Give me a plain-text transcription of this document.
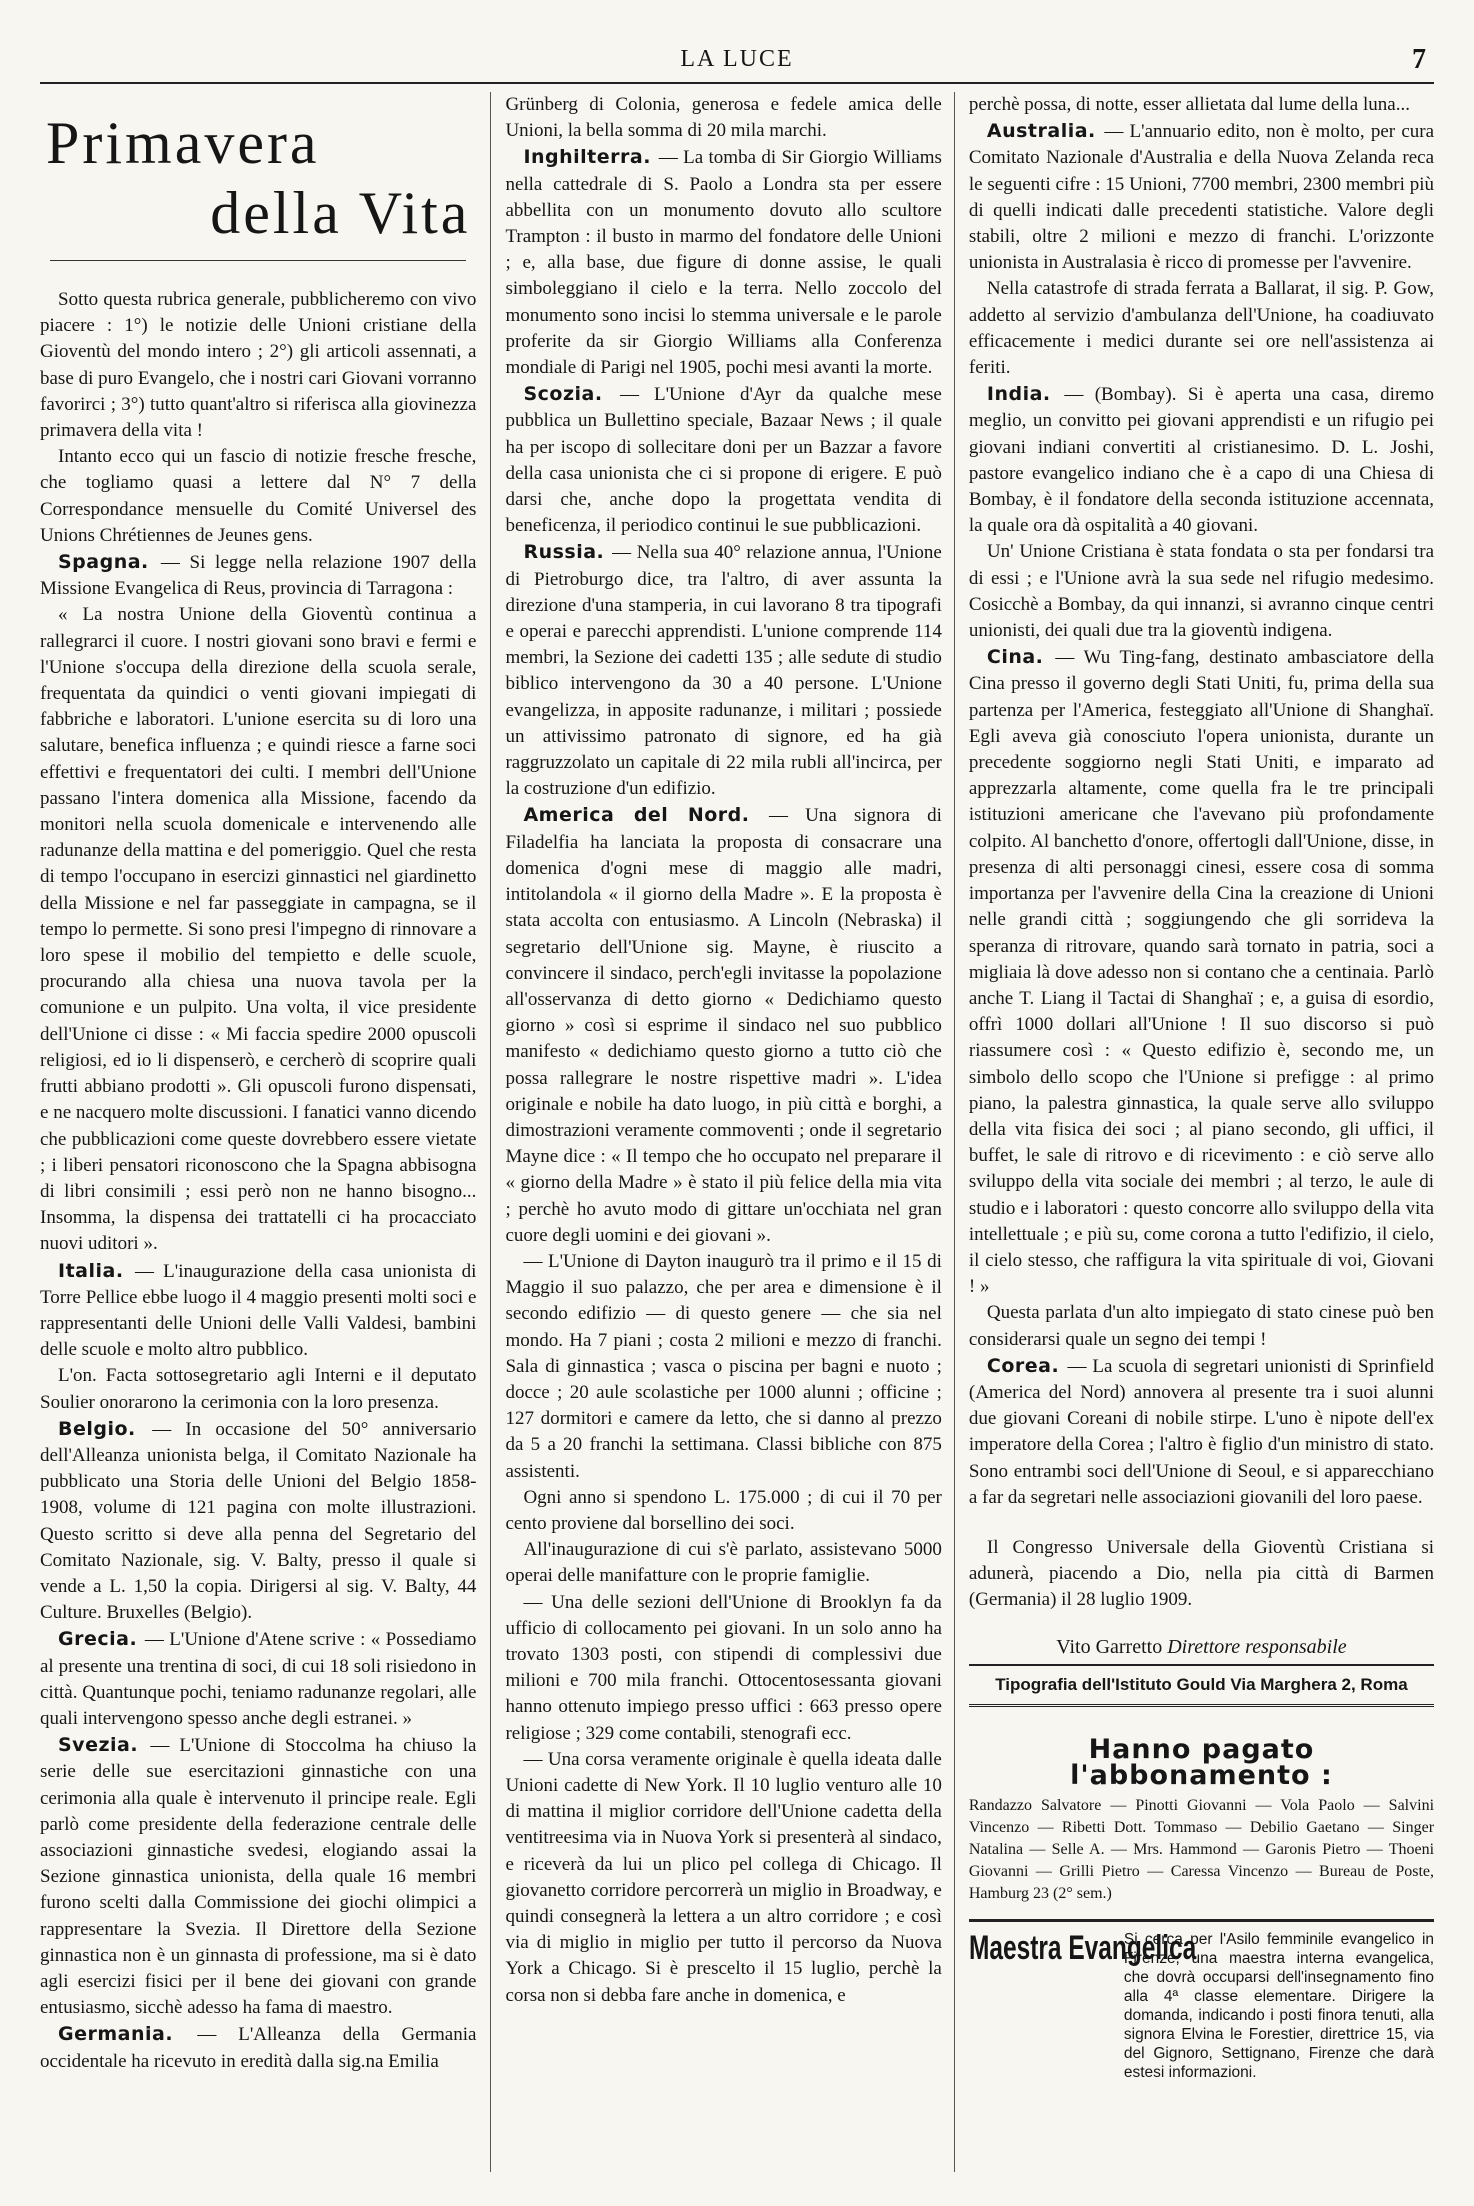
LA LUCE	7
Primavera
della Vita

Sotto questa rubrica generale, pubblicheremo con vivo piacere : 1°) le notizie delle Unioni cristiane della Gioventù del mondo intero ; 2°) gli articoli assennati, a base di puro Evangelo, che i nostri cari Giovani vorranno favorirci ; 3°) tutto quant'altro si riferisca alla giovinezza primavera della vita !

Intanto ecco qui un fascio di notizie fresche fresche, che togliamo quasi a lettere dal N° 7 della Correspondance mensuelle du Comité Universel des Unions Chrétiennes de Jeunes gens.

Spagna. — Si legge nella relazione 1907 della Missione Evangelica di Reus, provincia di Tarragona :

« La nostra Unione della Gioventù continua a rallegrarci il cuore. I nostri giovani sono bravi e fermi e l'Unione s'occupa della direzione della scuola serale, frequentata da quindici o venti giovani impiegati di fabbriche e laboratori. L'unione esercita su di loro una salutare, benefica influenza ; e quindi riesce a farne soci effettivi e frequentatori dei culti. I membri dell'Unione passano l'intera domenica alla Missione, facendo da monitori nella scuola domenicale e intervenendo alle radunanze della mattina e del pomeriggio. Quel che resta di tempo l'occupano in esercizi ginnastici nel giardinetto della Missione e nel far passeggiate in campagna, se il tempo lo permette. Si sono presi l'impegno di rinnovare a loro spese il mobilio del tempietto e delle scuole, procurando alla chiesa una nuova tavola per la comunione e un pulpito. Una volta, il vice presidente dell'Unione ci disse : « Mi faccia spedire 2000 opuscoli religiosi, ed io li dispenserò, e cercherò di scoprire quali frutti abbiano prodotti ». Gli opuscoli furono dispensati, e ne nacquero molte discussioni. I fanatici vanno dicendo che pubblicazioni come queste dovrebbero essere vietate ; i liberi pensatori riconoscono che la Spagna abbisogna di libri consimili ; essi però non ne hanno bisogno... Insomma, la dispensa dei trattatelli ci ha procacciato nuovi uditori ».

Italia. — L'inaugurazione della casa unionista di Torre Pellice ebbe luogo il 4 maggio presenti molti soci e rappresentanti delle Unioni delle Valli Valdesi, bambini delle scuole e molto altro pubblico.

L'on. Facta sottosegretario agli Interni e il deputato Soulier onorarono la cerimonia con la loro presenza.

Belgio. — In occasione del 50° anniversario dell'Alleanza unionista belga, il Comitato Nazionale ha pubblicato una Storia delle Unioni del Belgio 1858-1908, volume di 121 pagina con molte illustrazioni. Questo scritto si deve alla penna del Segretario del Comitato Nazionale, sig. V. Balty, presso il quale si vende a L. 1,50 la copia. Dirigersi al sig. V. Balty, 44 Culture. Bruxelles (Belgio).

Grecia. — L'Unione d'Atene scrive : « Possediamo al presente una trentina di soci, di cui 18 soli risiedono in città. Quantunque pochi, teniamo radunanze regolari, alle quali intervengono spesso anche degli estranei. »

Svezia. — L'Unione di Stoccolma ha chiuso la serie delle sue esercitazioni ginnastiche con una cerimonia alla quale è intervenuto il principe reale. Egli parlò come presidente della federazione centrale delle associazioni ginnastiche svedesi, elogiando assai la Sezione ginnastica unionista, della quale 16 membri furono scelti dalla Commissione dei giochi olimpici a rappresentare la Svezia. Il Direttore della Sezione ginnastica non è un ginnasta di professione, ma si è dato agli esercizi fisici per il bene dei giovani con grande entusiasmo, sicchè adesso ha fama di maestro.

Germania. — L'Alleanza della Germania occidentale ha ricevuto in eredità dalla sig.na Emilia

Grünberg di Colonia, generosa e fedele amica delle Unioni, la bella somma di 20 mila marchi.

Inghilterra. — La tomba di Sir Giorgio Williams nella cattedrale di S. Paolo a Londra sta per essere abbellita con un monumento dovuto allo scultore Trampton : il busto in marmo del fondatore delle Unioni ; e, alla base, due figure di donne assise, le quali simboleggiano il cielo e la terra. Nello zoccolo del monumento sono incisi lo stemma universale e le parole proferite da sir Giorgio Williams alla Conferenza mondiale di Parigi nel 1905, pochi mesi avanti la morte.

Scozia. — L'Unione d'Ayr da qualche mese pubblica un Bullettino speciale, Bazaar News ; il quale ha per iscopo di sollecitare doni per un Bazzar a favore della casa unionista che ci si propone di erigere. E può darsi che, anche dopo la progettata vendita di beneficenza, il periodico continui le sue pubblicazioni.

Russia. — Nella sua 40° relazione annua, l'Unione di Pietroburgo dice, tra l'altro, di aver assunta la direzione d'una stamperia, in cui lavorano 8 tra tipografi e operai e parecchi apprendisti. L'unione comprende 114 membri, la Sezione dei cadetti 135 ; alle sedute di studio biblico intervengono da 30 a 40 persone. L'Unione evangelizza, in apposite radunanze, i militari ; possiede un attivissimo patronato di signore, ed ha già raggruzzolato un capitale di 22 mila rubli all'incirca, per la costruzione d'un edifizio.

America del Nord. — Una signora di Filadelfia ha lanciata la proposta di consacrare una domenica d'ogni mese di maggio alle madri, intitolandola « il giorno della Madre ». E la proposta è stata accolta con entusiasmo. A Lincoln (Nebraska) il segretario dell'Unione sig. Mayne, è riuscito a convincere il sindaco, perch'egli invitasse la popolazione all'osservanza di detto giorno « Dedichiamo questo giorno » così si esprime il sindaco nel suo pubblico manifesto « dedichiamo questo giorno a tutto ciò che possa rallegrare le nostre rispettive madri ». L'idea originale e nobile ha dato luogo, in più città e borghi, a dimostrazioni veramente commoventi ; onde il segretario Mayne dice : « Il tempo che ho occupato nel preparare il « giorno della Madre » è stato il più felice della mia vita ; perchè ho avuto modo di gittare un'occhiata nel gran cuore degli uomini e dei giovani ».

— L'Unione di Dayton inaugurò tra il primo e il 15 di Maggio il suo palazzo, che per area e dimensione è il secondo edifizio — di questo genere — che sia nel mondo. Ha 7 piani ; costa 2 milioni e mezzo di franchi. Sala di ginnastica ; vasca o piscina per bagni e nuoto ; docce ; 20 aule scolastiche per 1000 alunni ; officine ; 127 dormitori e camere da letto, che si danno al prezzo da 5 a 20 franchi la settimana. Classi bibliche con 875 assistenti.

Ogni anno si spendono L. 175.000 ; di cui il 70 per cento proviene dal borsellino dei soci.

All'inaugurazione di cui s'è parlato, assistevano 5000 operai delle manifatture con le proprie famiglie.

— Una delle sezioni dell'Unione di Brooklyn fa da ufficio di collocamento pei giovani. In un solo anno ha trovato 1303 posti, con stipendi di complessivi due milioni e 700 mila franchi. Ottocentosessanta giovani hanno ottenuto impiego presso uffici : 663 presso opere religiose ; 329 come contabili, stenografi ecc.

— Una corsa veramente originale è quella ideata dalle Unioni cadette di New York. Il 10 luglio venturo alle 10 di mattina il miglior corridore dell'Unione cadetta della ventitreesima via in Nuova York si presenterà al sindaco, e riceverà da lui un plico pel collega di Chicago. Il giovanetto corridore percorrerà un miglio in Broadway, e quindi consegnerà la lettera a un altro corridore ; e così via di miglio in miglio per tutto il percorso da Nuova York a Chicago. Si è prescelto il 15 luglio, perchè la corsa non si debba fare anche in domenica, e

perchè possa, di notte, esser allietata dal lume della luna...

Australia. — L'annuario edito, non è molto, per cura Comitato Nazionale d'Australia e della Nuova Zelanda reca le seguenti cifre : 15 Unioni, 7700 membri, 2300 membri più di quelli indicati dalle precedenti statistiche. Valore degli stabili, oltre 2 milioni e mezzo di franchi. L'orizzonte unionista in Australasia è ricco di promesse per l'avvenire.

Nella catastrofe di strada ferrata a Ballarat, il sig. P. Gow, addetto al servizio d'ambulanza dell'Unione, ha coadiuvato efficacemente i medici durante sei ore nell'assistenza ai feriti.

India. — (Bombay). Si è aperta una casa, diremo meglio, un convitto pei giovani apprendisti e un rifugio pei giovani indiani convertiti al cristianesimo. D. L. Joshi, pastore evangelico indiano che è a capo di una Chiesa di Bombay, è il fondatore della seconda istituzione accennata, la quale ora dà ospitalità a 40 giovani.

Un' Unione Cristiana è stata fondata o sta per fondarsi tra di essi ; e l'Unione avrà la sua sede nel rifugio medesimo. Cosicchè a Bombay, da qui innanzi, si avranno cinque centri unionisti, dei quali due tra la gioventù indigena.

Cina. — Wu Ting-fang, destinato ambasciatore della Cina presso il governo degli Stati Uniti, fu, prima della sua partenza per l'America, festeggiato all'Unione di Shanghaï. Egli aveva già conosciuto l'opera unionista, durante un precedente soggiorno negli Stati Uniti, e imparato ad apprezzarla altamente, come quella fra le tre principali istituzioni americane che l'avevano più profondamente colpito. Al banchetto d'onore, offertogli dall'Unione, disse, in presenza di alti personaggi cinesi, essere cosa di somma importanza per l'avvenire della Cina la creazione di Unioni nelle grandi città ; soggiungendo che gli sorrideva la speranza di ritrovare, quando sarà tornato in patria, soci a migliaia là dove adesso non si contano che a centinaia. Parlò anche T. Liang il Tactai di Shanghaï ; e, a guisa di esordio, offrì 1000 dollari all'Unione ! Il suo discorso si può riassumere così : « Questo edifizio è, secondo me, un simbolo dello scopo che l'Unione si prefigge : al primo piano, la palestra ginnastica, la quale serve allo sviluppo della vita fisica dei soci ; al piano secondo, gli uffici, il buffet, le sale di ritrovo e di ricevimento : e ciò serve allo sviluppo della vita sociale dei membri ; al terzo, le aule di studio e i laboratori : questo concorre allo sviluppo della vita intellettuale ; e più su, come corona a tutto l'edifizio, il cielo, il cielo stesso, che raffigura la vita spirituale di voi, Giovani ! »

Questa parlata d'un alto impiegato di stato cinese può ben considerarsi quale un segno dei tempi !

Corea. — La scuola di segretari unionisti di Sprinfield (America del Nord) annovera al presente tra i suoi alunni due giovani Coreani di nobile stirpe. L'uno è nipote dell'ex imperatore della Corea ; l'altro è figlio d'un ministro di stato. Sono entrambi soci dell'Unione di Seoul, e si apparecchiano a far da segretari nelle associazioni giovanili del loro paese.

Il Congresso Universale della Gioventù Cristiana si adunerà, piacendo a Dio, nella pia città di Barmen (Germania) il 28 luglio 1909.

Vito Garretto Direttore responsabile
Tipografia dell'Istituto Gould Via Marghera 2, Roma
Hanno pagato l'abbonamento :
Randazzo Salvatore — Pinotti Giovanni — Vola Paolo — Salvini Vincenzo — Ribetti Dott. Tommaso — Debilio Gaetano — Singer Natalina — Selle A. — Mrs. Hammond — Garonis Pietro — Thoeni Giovanni — Grilli Pietro — Caressa Vincenzo — Bureau de Poste, Hamburg 23 (2° sem.)
Maestra Evangelica
Si cerca per l'Asilo femminile evangelico in Firenze, una maestra interna evangelica, che dovrà occuparsi dell'insegnamento fino alla 4ª classe elementare. Dirigere la domanda, indicando i posti finora tenuti, alla signora Elvina le Forestier, direttrice 15, via del Gignoro, Settignano, Firenze che darà estesi informazioni.
